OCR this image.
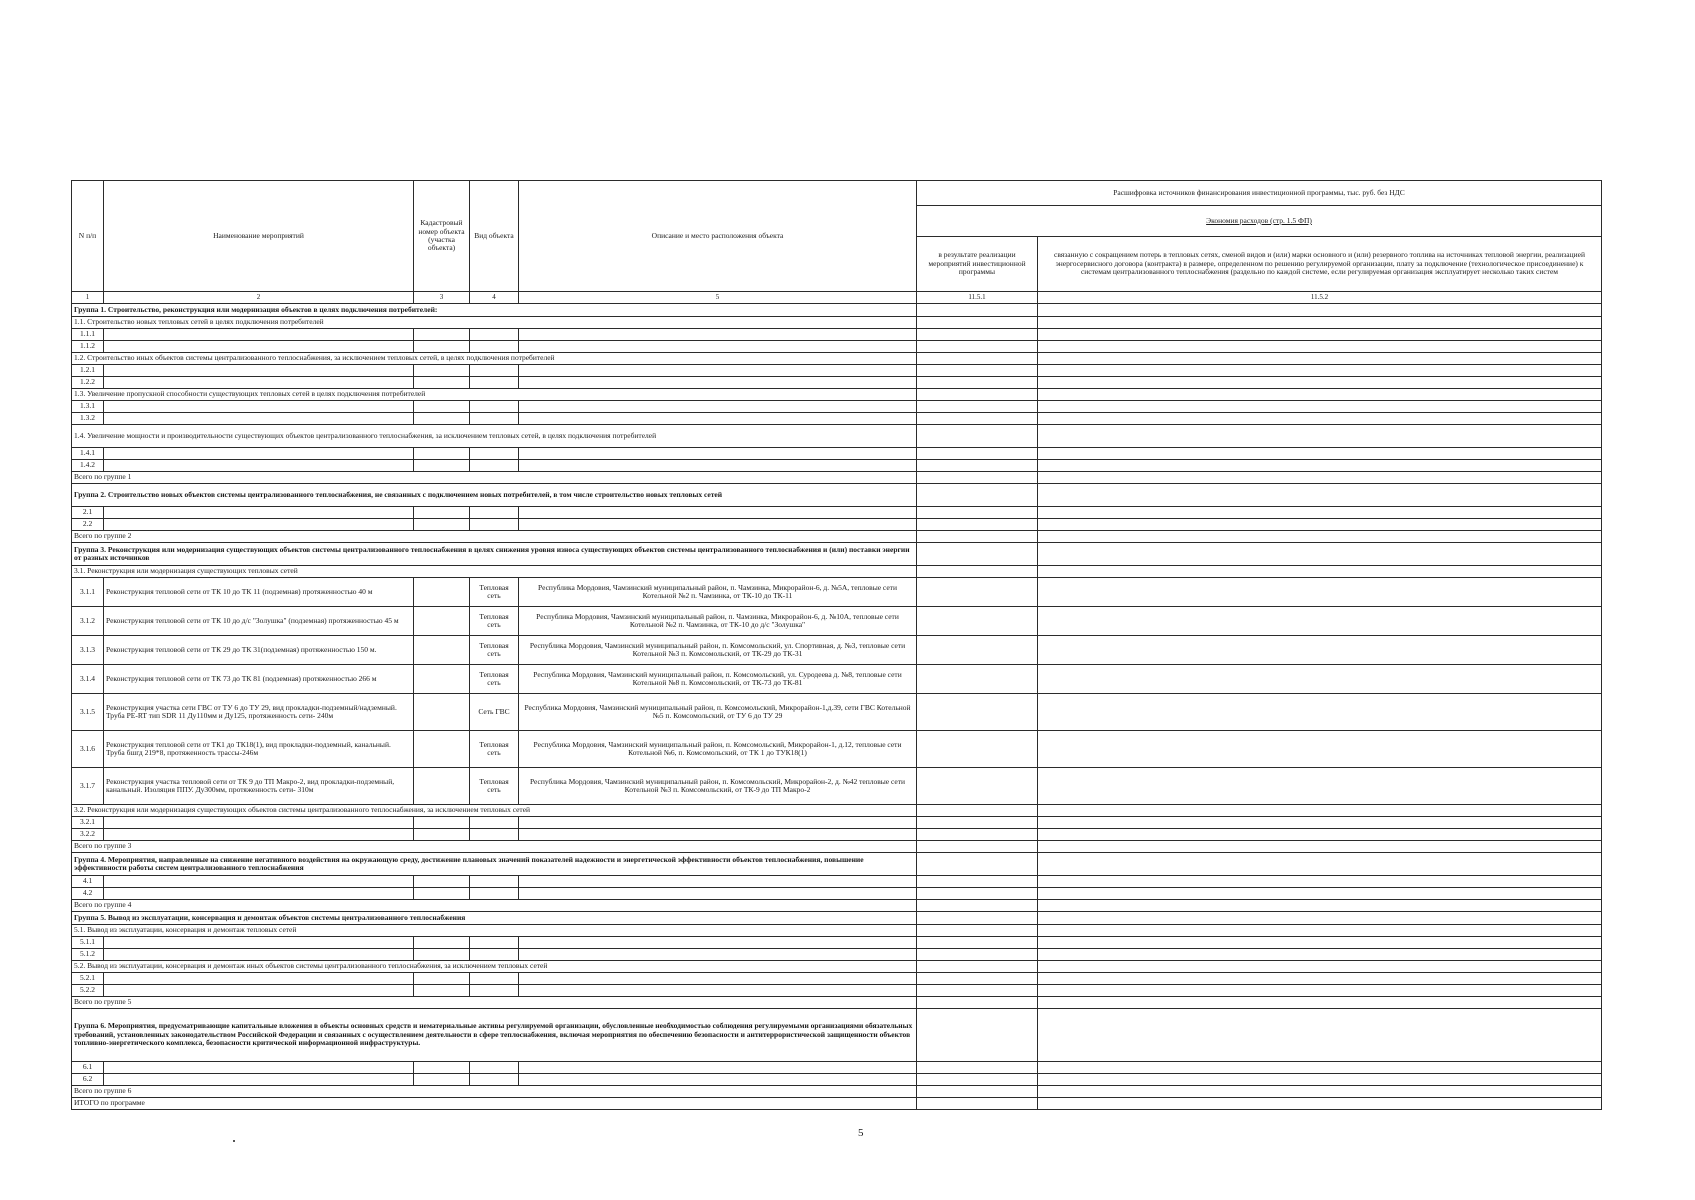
N п/п	Наименование мероприятий	Кадастровый номер объекта (участка объекта)	Вид объекта	Описание и место расположения объекта	Расшифровка источников финансирования инвестиционной программы, тыс. руб. без НДС	
					Экономия расходов (стр. 1.5 ФП)	
					в результате реализации мероприятий инвестиционной программы	связанную с сокращением потерь в тепловых сетях, сменой видов и (или) марки основного и (или) резервного топлива на источниках тепловой энергии, реализацией энергосервисного договора (контракта) в размере, определенном по решению регулируемой организации, плату за подключение (технологическое присоединение) к системам централизованного теплоснабжения (раздельно по каждой системе, если регулируемая организация эксплуатирует несколько таких систем
1	2	3	4	5	11.5.1	11.5.2
Группа 1. Строительство, реконструкция или модернизация объектов в целях подключения потребителей:						
1.1. Строительство новых тепловых сетей в целях подключения потребителей						
1.1.1						
1.1.2						
1.2. Строительство иных объектов системы централизованного теплоснабжения, за исключением тепловых сетей, в целях подключения потребителей						
1.2.1						
1.2.2						
1.3. Увеличение пропускной способности существующих тепловых сетей в целях подключения потребителей						
1.3.1						
1.3.2						
1.4. Увеличение мощности и производительности существующих объектов централизованного теплоснабжения, за исключением тепловых сетей, в целях подключения потребителей						
1.4.1						
1.4.2						
Всего по группе 1						
Группа 2. Строительство новых объектов системы централизованного теплоснабжения, не связанных с подключением новых потребителей, в том числе строительство новых тепловых сетей						
2.1						
2.2						
Всего по группе 2						
Группа 3. Реконструкция или модернизация существующих объектов системы централизованного теплоснабжения в целях снижения уровня износа существующих объектов системы централизованного теплоснабжения и (или) поставки энергии от разных источников						
3.1. Реконструкция или модернизация существующих тепловых сетей						
3.1.1	Реконструкция тепловой сети от ТК 10 до ТК 11 (подземная) протяженностью 40 м		Тепловая сеть	Республика Мордовия, Чамзинский муниципальный район, п. Чамзинка, Микрорайон-6, д. №5А, тепловые сети Котельной №2 п. Чамзинка, от ТК-10 до ТК-11		
3.1.2	Реконструкция тепловой сети от ТК 10 до д/с "Золушка" (подземная) протяженностью 45 м		Тепловая сеть	Республика Мордовия, Чамзинский муниципальный район, п. Чамзинка, Микрорайон-6, д. №10А, тепловые сети Котельной №2 п. Чамзинка, от ТК-10 до д/с "Золушка"		
3.1.3	Реконструкция тепловой сети от ТК 29 до ТК 31(подземная) протяженностью 150 м.		Тепловая сеть	Республика Мордовия, Чамзинский муниципальный район, п. Комсомольский, ул. Спортивная, д. №3, тепловые сети Котельной №3 п. Комсомольский, от ТК-29 до ТК-31		
3.1.4	Реконструкция тепловой сети от ТК 73 до ТК 81 (подземная) протяженностью 266 м		Тепловая сеть	Республика Мордовия, Чамзинский муниципальный район, п. Комсомольский, ул. Суродеева д. №8, тепловые сети Котельной №8 п. Комсомольский, от ТК-73 до ТК-81		
3.1.5	Реконструкция участка сети ГВС от ТУ 6 до ТУ 29, вид прокладки-подземный/надземный. Труба PE-RT тип SDR 11 Ду110мм и Ду125, протяженность сети- 240м		Сеть ГВС	Республика Мордовия, Чамзинский муниципальный район, п. Комсомольский, Микрорайон-1,д.39, сети ГВС Котельной №5 п. Комсомольский, от ТУ 6 до ТУ 29		
3.1.6	Реконструкция тепловой сети от ТК1 до ТК18(1), вид прокладки-подземный, канальный. Труба бшгд 219*8, протяженность трассы-246м		Тепловая сеть	Республика Мордовия, Чамзинский муниципальный район, п. Комсомольский, Микрорайон-1, д.12, тепловые сети Котельной №6, п. Комсомольский, от ТК 1 до ТУК18(1)		
3.1.7	Реконструкция участка тепловой сети от ТК 9 до ТП Макро-2, вид прокладки-подземный, канальный. Изоляция ППУ. Ду300мм, протяженность сети- 310м		Тепловая сеть	Республика Мордовия, Чамзинский муниципальный район, п. Комсомольский, Микрорайон-2, д. №42 тепловые сети Котельной №3 п. Комсомольский, от ТК-9 до ТП Макро-2		
3.2. Реконструкция или модернизация существующих объектов системы централизованного теплоснабжения, за исключением тепловых сетей						
3.2.1						
3.2.2						
Всего по группе 3						
Группа 4. Мероприятия, направленные на снижение негативного воздействия на окружающую среду, достижение плановых значений показателей надежности и энергетической эффективности объектов теплоснабжения, повышение эффективности работы систем централизованного теплоснабжения						
4.1						
4.2						
Всего по группе 4						
Группа 5. Вывод из эксплуатации, консервация и демонтаж объектов системы централизованного теплоснабжения						
5.1. Вывод из эксплуатации, консервация и демонтаж тепловых сетей						
5.1.1						
5.1.2						
5.2. Вывод из эксплуатации, консервация и демонтаж иных объектов системы централизованного теплоснабжения, за исключением тепловых сетей						
5.2.1						
5.2.2						
Всего по группе 5						
Группа 6. Мероприятия, предусматривающие капитальные вложения в объекты основных средств и нематериальные активы регулируемой организации, обусловленные необходимостью соблюдения регулируемыми организациями обязательных требований, установленных законодательством Российской Федерации и связанных с осуществлением деятельности в сфере теплоснабжения, включая мероприятия по обеспечению безопасности и антитеррористической защищенности объектов топливно-энергетического комплекса, безопасности критической информационной инфраструктуры.						
6.1						
6.2						
Всего по группе 6						
ИТОГО по программе						
5
